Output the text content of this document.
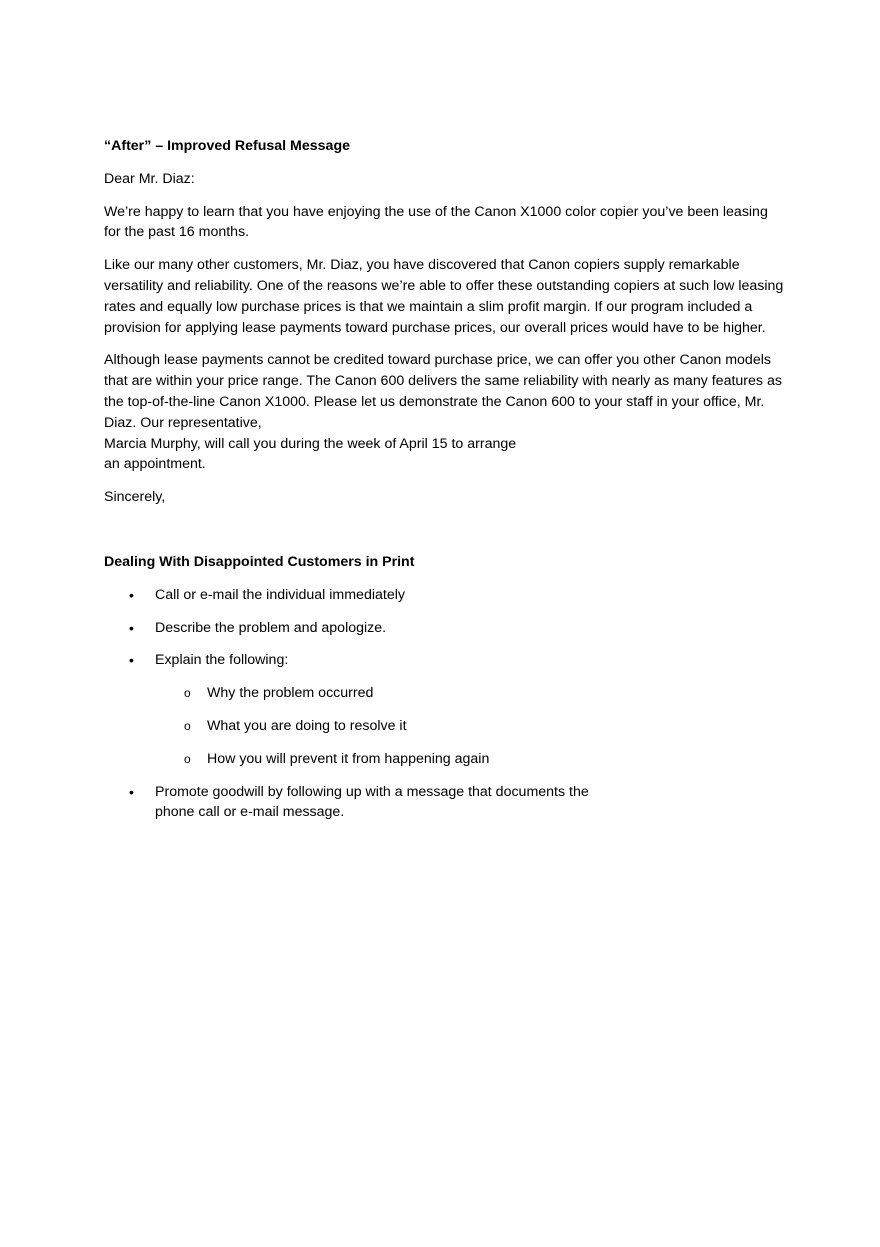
“After” – Improved Refusal Message

Dear Mr. Diaz:

We’re happy to learn that you have enjoying the use of the Canon X1000 color copier you’ve been leasing for the past 16 months.

Like our many other customers, Mr. Diaz, you have discovered that Canon copiers supply remarkable versatility and reliability. One of the reasons we’re able to offer these outstanding copiers at such low leasing rates and equally low purchase prices is that we maintain a slim profit margin. If our program included a provision for applying lease payments toward purchase prices, our overall prices would have to be higher.

Although lease payments cannot be credited toward purchase price, we can offer you other Canon models that are within your price range. The Canon 600 delivers the same reliability with nearly as many features as the top-of-the-line Canon X1000. Please let us demonstrate the Canon 600 to your staff in your office, Mr. Diaz. Our representative,
Marcia Murphy, will call you during the week of April 15 to arrange
an appointment.

Sincerely,

Dealing With Disappointed Customers in Print

• Call or e-mail the individual immediately
• Describe the problem and apologize.
• Explain the following:
o Why the problem occurred
o What you are doing to resolve it
o How you will prevent it from happening again
• Promote goodwill by following up with a message that documents the
phone call or e-mail message.
